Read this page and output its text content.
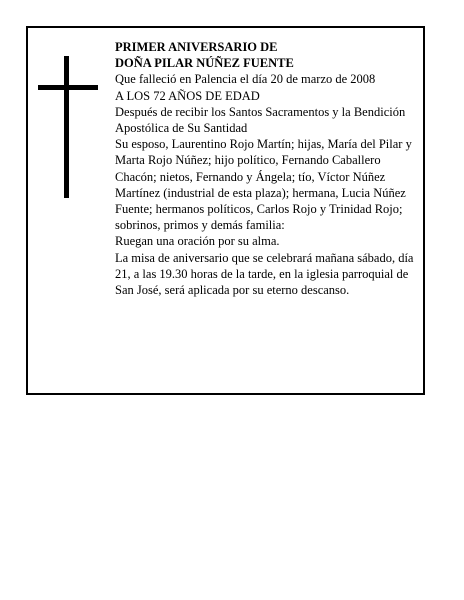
PRIMER ANIVERSARIO DE

DOÑA PILAR NÚÑEZ FUENTE

Que falleció en Palencia el día 20 de marzo de 2008

A LOS 72 AÑOS DE EDAD

Después de recibir los Santos Sacramentos y la Bendición Apostólica de Su Santidad

Su esposo, Laurentino Rojo Martín; hijas, María del Pilar y Marta Rojo Núñez; hijo político, Fernando Caballero Chacón; nietos, Fernando y Ángela; tío, Víctor Núñez Martínez (industrial de esta plaza); hermana, Lucia Núñez Fuente; hermanos políticos, Carlos Rojo y Trinidad Rojo; sobrinos, primos y demás familia:

Ruegan una oración por su alma.

La misa de aniversario que se celebrará mañana sábado, día 21, a las 19.30 horas de la tarde, en la iglesia parroquial de San José, será aplicada por su eterno descanso.
